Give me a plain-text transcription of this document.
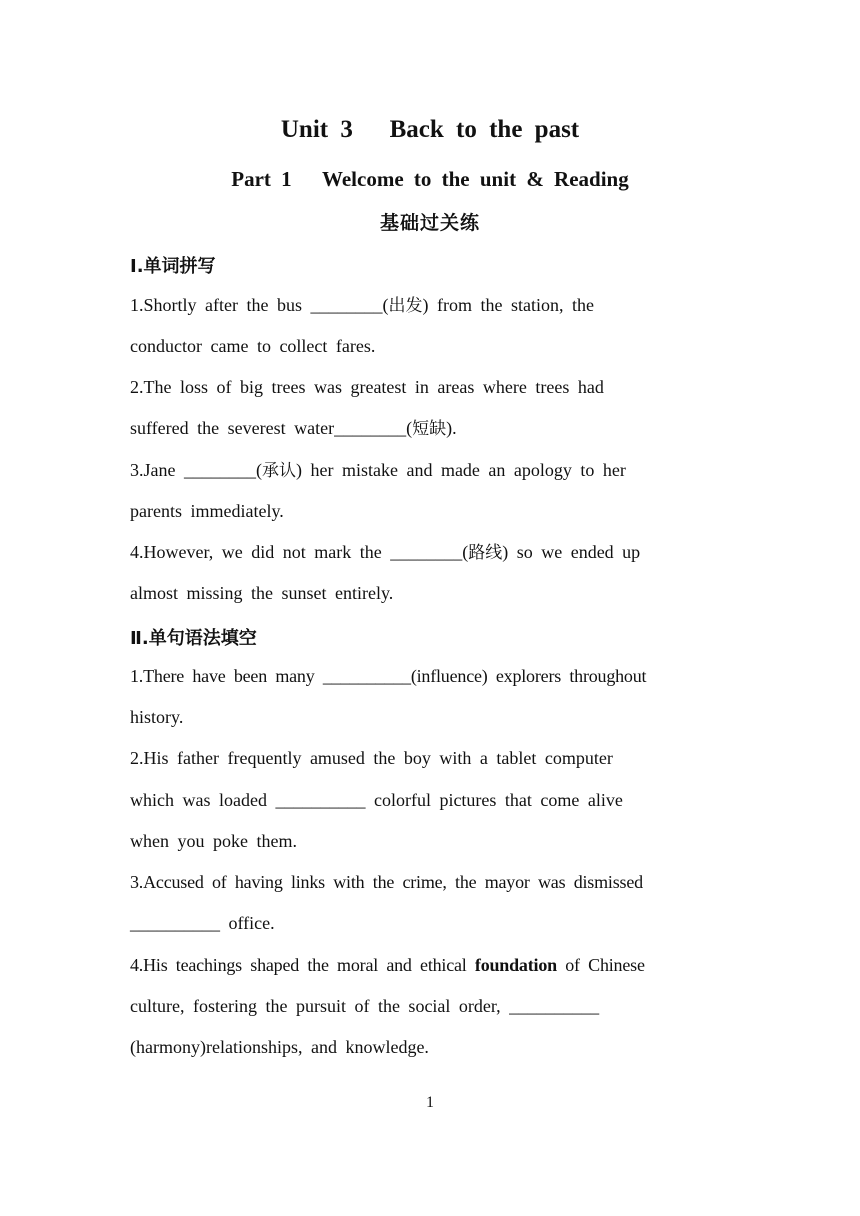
Unit 3   Back to the past
Part 1   Welcome to the unit & Reading
基础过关练
Ⅰ.单词拼写
1.Shortly after the bus ________(出发) from the station, the
conductor came to collect fares.
2.The loss of big trees was greatest in areas where trees had
suffered the severest water________(短缺).
3.Jane ________(承认) her mistake and made an apology to her
parents immediately.
4.However, we did not mark the ________(路线) so we ended up
almost missing the sunset entirely.
Ⅱ.单句语法填空
1.There have been many __________(influence) explorers throughout
history.
2.His father frequently amused the boy with a tablet computer
which was loaded __________ colorful pictures that come alive
when you poke them.
3.Accused of having links with the crime, the mayor was dismissed
__________ office.
4.His teachings shaped the moral and ethical foundation of Chinese
culture, fostering the pursuit of the social order, __________
(harmony)relationships, and knowledge.
1
